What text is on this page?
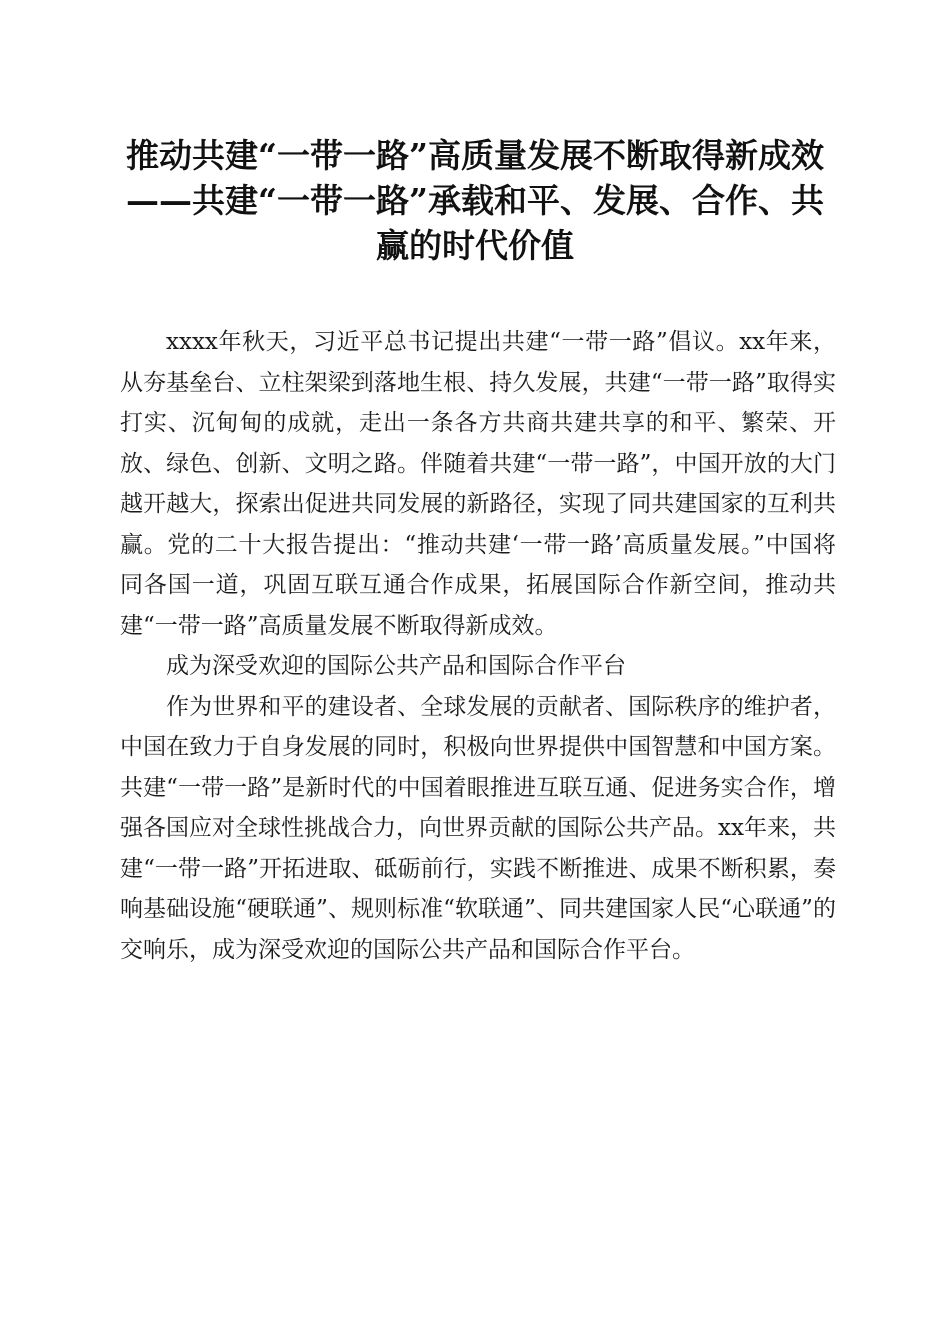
推动共建“一带一路”高质量发展不断取得新成效——共建“一带一路”承载和平、发展、合作、共赢的时代价值

xxxx年秋天，习近平总书记提出共建“一带一路”倡议。xx年来，从夯基垒台、立柱架梁到落地生根、持久发展，共建“一带一路”取得实打实、沉甸甸的成就，走出一条各方共商共建共享的和平、繁荣、开放、绿色、创新、文明之路。伴随着共建“一带一路”，中国开放的大门越开越大，探索出促进共同发展的新路径，实现了同共建国家的互利共赢。党的二十大报告提出：“推动共建‘一带一路’高质量发展。”中国将同各国一道，巩固互联互通合作成果，拓展国际合作新空间，推动共建“一带一路”高质量发展不断取得新成效。

成为深受欢迎的国际公共产品和国际合作平台

作为世界和平的建设者、全球发展的贡献者、国际秩序的维护者，中国在致力于自身发展的同时，积极向世界提供中国智慧和中国方案。共建“一带一路”是新时代的中国着眼推进互联互通、促进务实合作，增强各国应对全球性挑战合力，向世界贡献的国际公共产品。xx年来，共建“一带一路”开拓进取、砥砺前行，实践不断推进、成果不断积累，奏响基础设施“硬联通”、规则标准“软联通”、同共建国家人民“心联通”的交响乐，成为深受欢迎的国际公共产品和国际合作平台。
